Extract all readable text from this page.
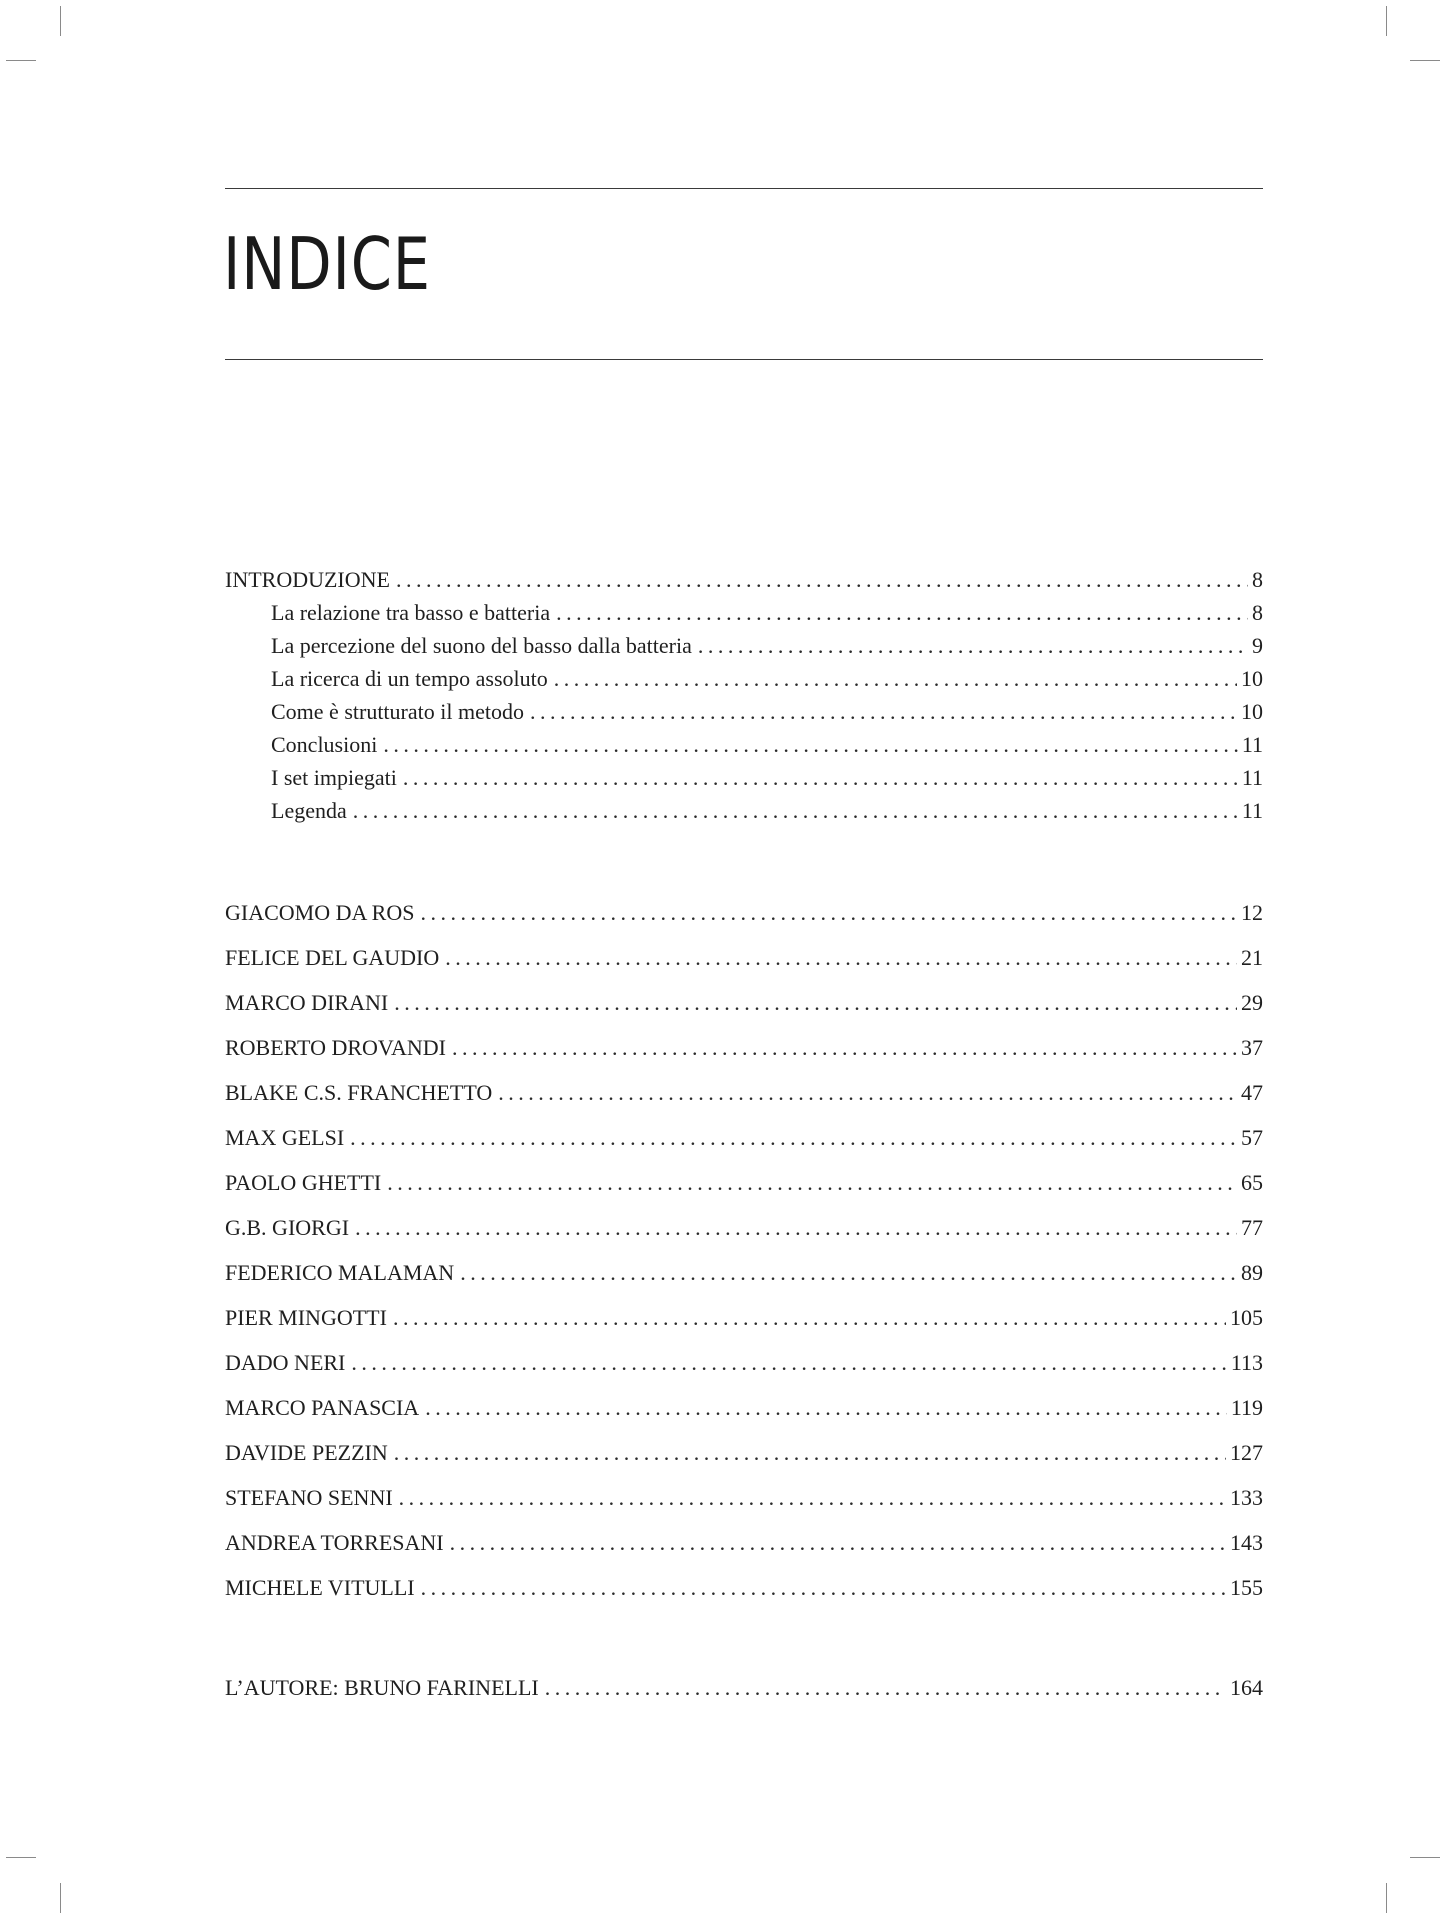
INDICE
INTRODUZIONE . . .	8
La relazione tra basso e batteria . . .	8
La percezione del suono del basso dalla batteria . . .	9
La ricerca di un tempo assoluto . . .	10
Come è strutturato il metodo . . .	10
Conclusioni . . .	11
I set impiegati . . .	11
Legenda . . .	11
GIACOMO DA ROS . . .	12
FELICE DEL GAUDIO . . .	21
MARCO DIRANI . . .	29
ROBERTO DROVANDI . . .	37
BLAKE C.S. FRANCHETTO . . .	47
MAX GELSI . . .	57
PAOLO GHETTI . . .	65
G.B. GIORGI . . .	77
FEDERICO MALAMAN . . .	89
PIER MINGOTTI . . .	105
DADO NERI . . .	113
MARCO PANASCIA . . .	119
DAVIDE PEZZIN . . .	127
STEFANO SENNI . . .	133
ANDREA TORRESANI . . .	143
MICHELE VITULLI . . .	155
L’AUTORE: BRUNO FARINELLI . . .	164
